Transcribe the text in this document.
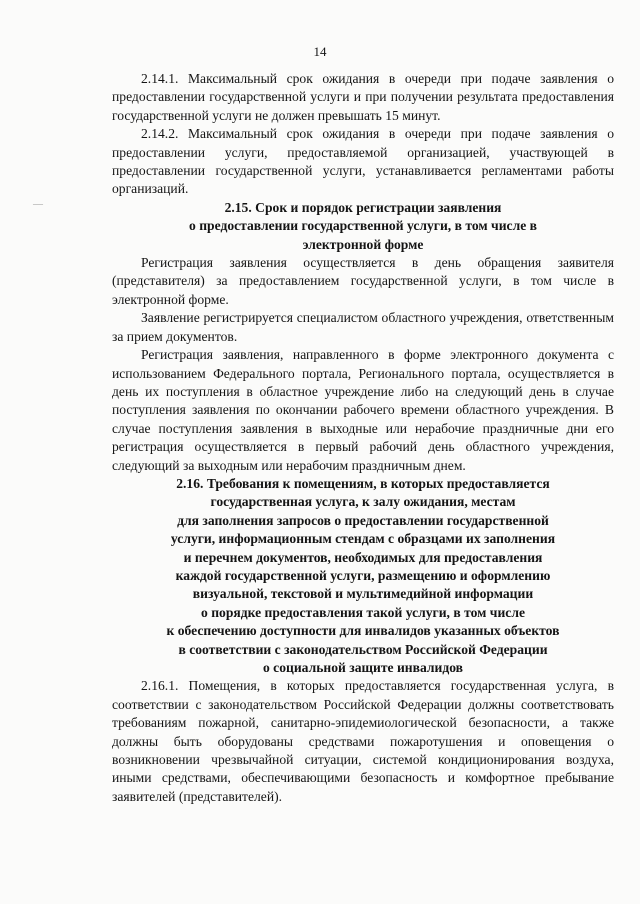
14
—

2.14.1. Максимальный срок ожидания в очереди при подаче заявления о предоставлении государственной услуги и при получении результата предоставления государственной услуги не должен превышать 15 минут.

2.14.2. Максимальный срок ожидания в очереди при подаче заявления о предоставлении услуги, предоставляемой организацией, участвующей в предоставлении государственной услуги, устанавливается регламентами работы организаций.

2.15. Срок и порядок регистрации заявления
о предоставлении государственной услуги, в том числе в
электронной форме

Регистрация заявления осуществляется в день обращения заявителя (представителя) за предоставлением государственной услуги, в том числе в электронной форме.

Заявление регистрируется специалистом областного учреждения, ответственным за прием документов.

Регистрация заявления, направленного в форме электронного документа с использованием Федерального портала, Регионального портала, осуществляется в день их поступления в областное учреждение либо на следующий день в случае поступления заявления по окончании рабочего времени областного учреждения. В случае поступления заявления в выходные или нерабочие праздничные дни его регистрация осуществляется в первый рабочий день областного учреждения, следующий за выходным или нерабочим праздничным днем.

2.16. Требования к помещениям, в которых предоставляется
государственная услуга, к залу ожидания, местам
для заполнения запросов о предоставлении государственной
услуги, информационным стендам с образцами их заполнения
и перечнем документов, необходимых для предоставления
каждой государственной услуги, размещению и оформлению
визуальной, текстовой и мультимедийной информации
о порядке предоставления такой услуги, в том числе
к обеспечению доступности для инвалидов указанных объектов
в соответствии с законодательством Российской Федерации
о социальной защите инвалидов

2.16.1. Помещения, в которых предоставляется государственная услуга, в соответствии с законодательством Российской Федерации должны соответствовать требованиям пожарной, санитарно-эпидемиологической безопасности, а также должны быть оборудованы средствами пожаротушения и оповещения о возникновении чрезвычайной ситуации, системой кондиционирования воздуха, иными средствами, обеспечивающими безопасность и комфортное пребывание заявителей (представителей).
